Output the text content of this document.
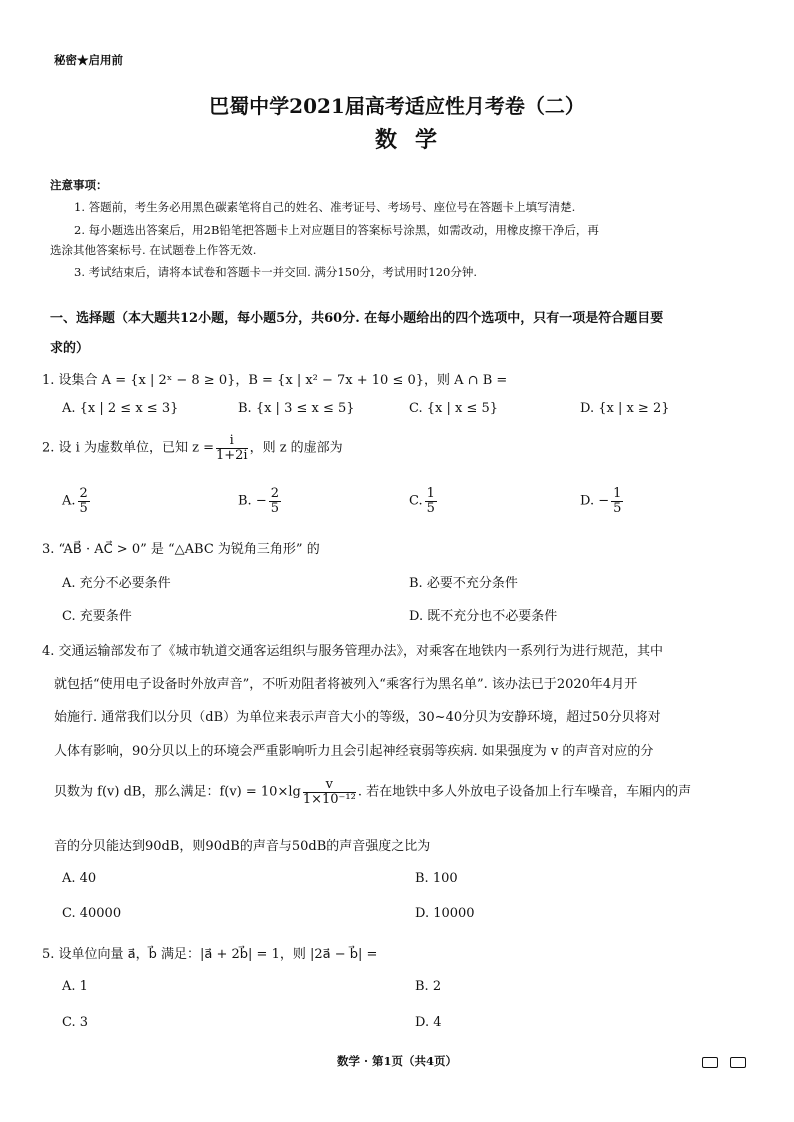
秘密★启用前
巴蜀中学2021届高考适应性月考卷（二）
数学
注意事项：
1. 答题前，考生务必用黑色碳素笔将自己的姓名、准考证号、考场号、座位号在答题卡上填写清楚.
2. 每小题选出答案后，用2B铅笔把答题卡上对应题目的答案标号涂黑，如需改动，用橡皮擦干净后，再
选涂其他答案标号. 在试题卷上作答无效.
3. 考试结束后，请将本试卷和答题卡一并交回. 满分150分，考试用时120分钟.
一、选择题（本大题共12小题，每小题5分，共60分. 在每小题给出的四个选项中，只有一项是符合题目要
求的）
1. 设集合 A = {x | 2ˣ − 8 ≥ 0}，B = {x | x² − 7x + 10 ≤ 0}，则 A ∩ B =
A. {x | 2 ≤ x ≤ 3}	B. {x | 3 ≤ x ≤ 5}	C. {x | x ≤ 5}	D. {x | x ≥ 2}
2. 设 i 为虚数单位，已知 $z = \frac{i}{1+2i}$ ，则 z 的虚部为
A. $\frac{2}{5}$	B. − $\frac{2}{5}$	C. $\frac{1}{5}$	D. − $\frac{1}{5}$
3. “AB⃗ · AC⃗ > 0” 是 “△ABC 为锐角三角形” 的
A. 充分不必要条件	B. 必要不充分条件
C. 充要条件	D. 既不充分也不必要条件
4. 交通运输部发布了《城市轨道交通客运组织与服务管理办法》，对乘客在地铁内一系列行为进行规范，其中
就包括“使用电子设备时外放声音”，不听劝阻者将被列入“乘客行为黑名单”. 该办法已于2020年4月开
始施行. 通常我们以分贝（dB）为单位来表示声音大小的等级，30~40分贝为安静环境，超过50分贝将对
人体有影响，90分贝以上的环境会严重影响听力且会引起神经衰弱等疾病. 如果强度为 v 的声音对应的分
贝数为 f(v) dB，那么满足：$f(v) = 10\times\lg \frac{v}{\text{1×10⁻¹²}}$ . 若在地铁中多人外放电子设备加上行车噪音，车厢内的声
音的分贝能达到90dB，则90dB的声音与50dB的声音强度之比为
A. 40	B. 100
C. 40000	D. 10000
5. 设单位向量 a⃗，b⃗ 满足：|a⃗ + 2b⃗| = 1，则 |2a⃗ − b⃗| =
A. 1	B. 2
C. 3	D. 4
数学 · 第1页（共4页）
